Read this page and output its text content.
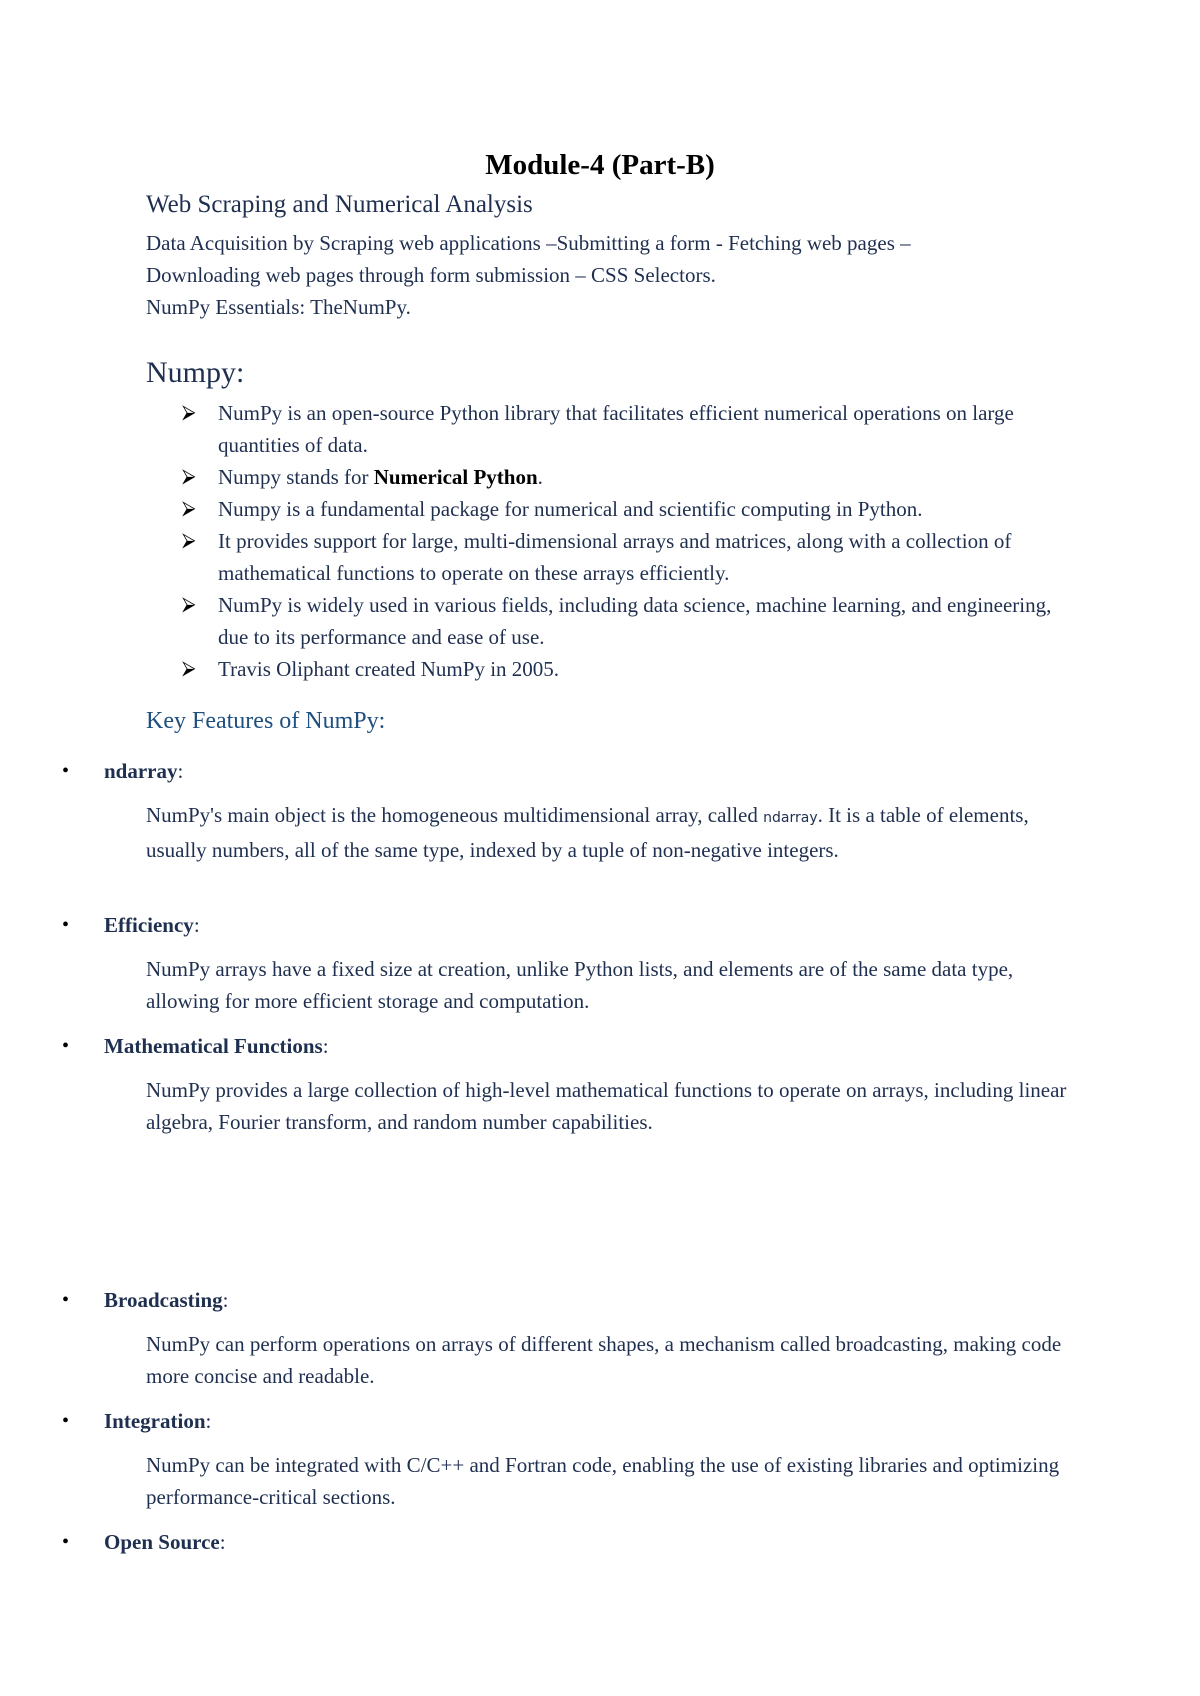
Module-4 (Part-B)
Web Scraping and Numerical Analysis

Data Acquisition by Scraping web applications –Submitting a form - Fetching web pages –

Downloading web pages through form submission – CSS Selectors.

NumPy Essentials: TheNumPy.

Numpy:
⮚ NumPy is an open-source Python library that facilitates efficient numerical operations on large quantities of data.
⮚ Numpy stands for Numerical Python.
⮚ Numpy is a fundamental package for numerical and scientific computing in Python.
⮚ It provides support for large, multi-dimensional arrays and matrices, along with a collection of mathematical functions to operate on these arrays efficiently.
⮚ NumPy is widely used in various fields, including data science, machine learning, and engineering, due to its performance and ease of use.
⮚ Travis Oliphant created NumPy in 2005.
Key Features of NumPy:
• ndarray:

NumPy's main object is the homogeneous multidimensional array, called ndarray. It is a table of elements, usually numbers, all of the same type, indexed by a tuple of non-negative integers.

• Efficiency:

NumPy arrays have a fixed size at creation, unlike Python lists, and elements are of the same data type, allowing for more efficient storage and computation.

• Mathematical Functions:

NumPy provides a large collection of high-level mathematical functions to operate on arrays, including linear algebra, Fourier transform, and random number capabilities.

• Broadcasting:

NumPy can perform operations on arrays of different shapes, a mechanism called broadcasting, making code more concise and readable.

• Integration:

NumPy can be integrated with C/C++ and Fortran code, enabling the use of existing libraries and optimizing performance-critical sections.

• Open Source:
